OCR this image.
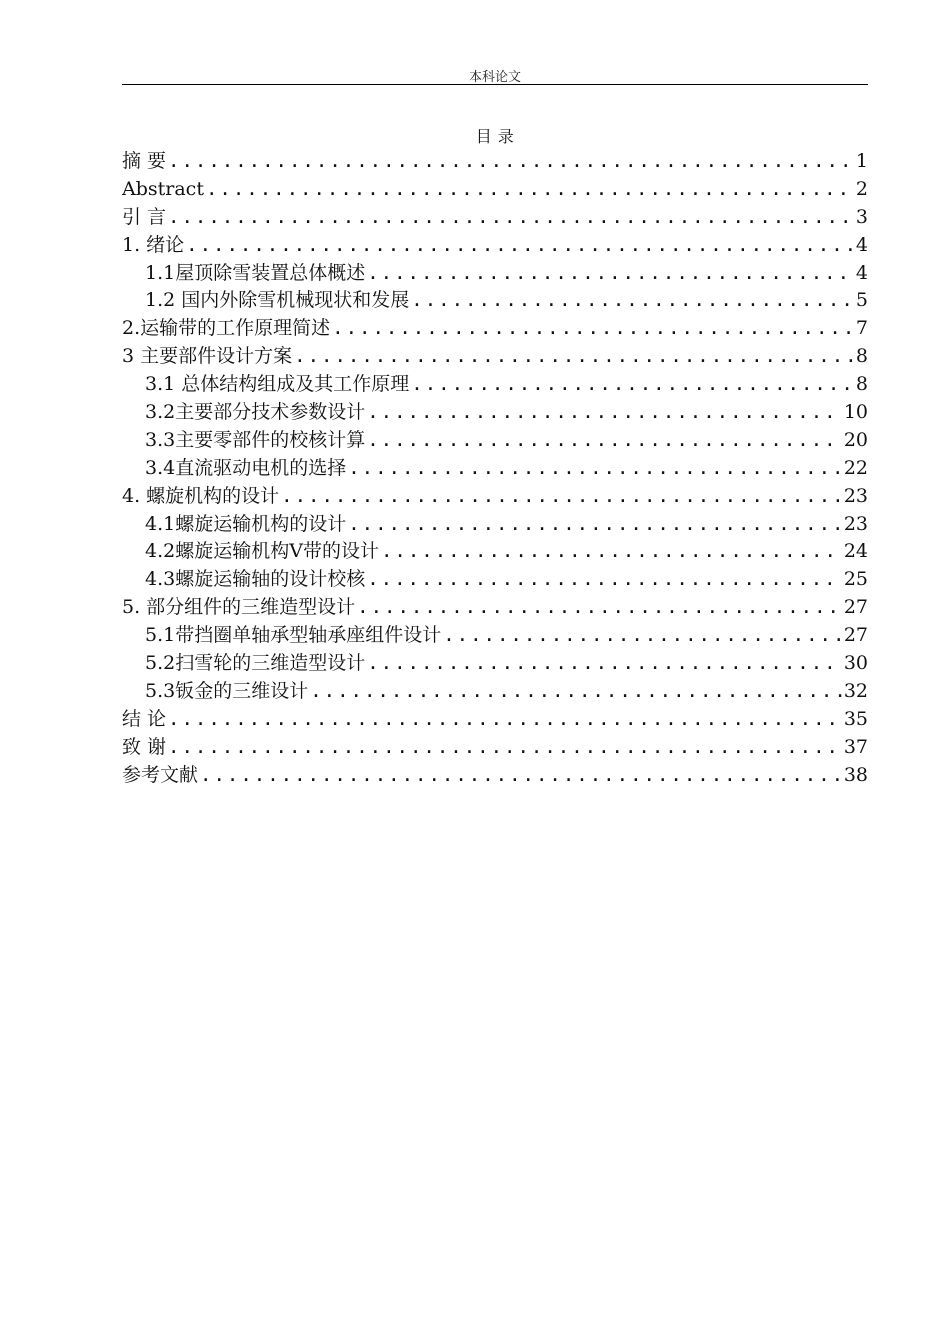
本科论文
目 录
摘 要 .....	1
Abstract .....	2
引 言 .....	3
1. 绪论 .....	4
1.1屋顶除雪装置总体概述 .....	4
1.2 国内外除雪机械现状和发展 .....	5
2.运输带的工作原理简述 .....	7
3 主要部件设计方案 .....	8
3.1 总体结构组成及其工作原理 .....	8
3.2主要部分技术参数设计 .....	10
3.3主要零部件的校核计算 .....	20
3.4直流驱动电机的选择 .....	22
4. 螺旋机构的设计 .....	23
4.1螺旋运输机构的设计 .....	23
4.2螺旋运输机构V带的设计 .....	24
4.3螺旋运输轴的设计校核 .....	25
5. 部分组件的三维造型设计 .....	27
5.1带挡圈单轴承型轴承座组件设计 .....	27
5.2扫雪轮的三维造型设计 .....	30
5.3钣金的三维设计 .....	32
结 论 .....	35
致 谢 .....	37
参考文献 .....	38
